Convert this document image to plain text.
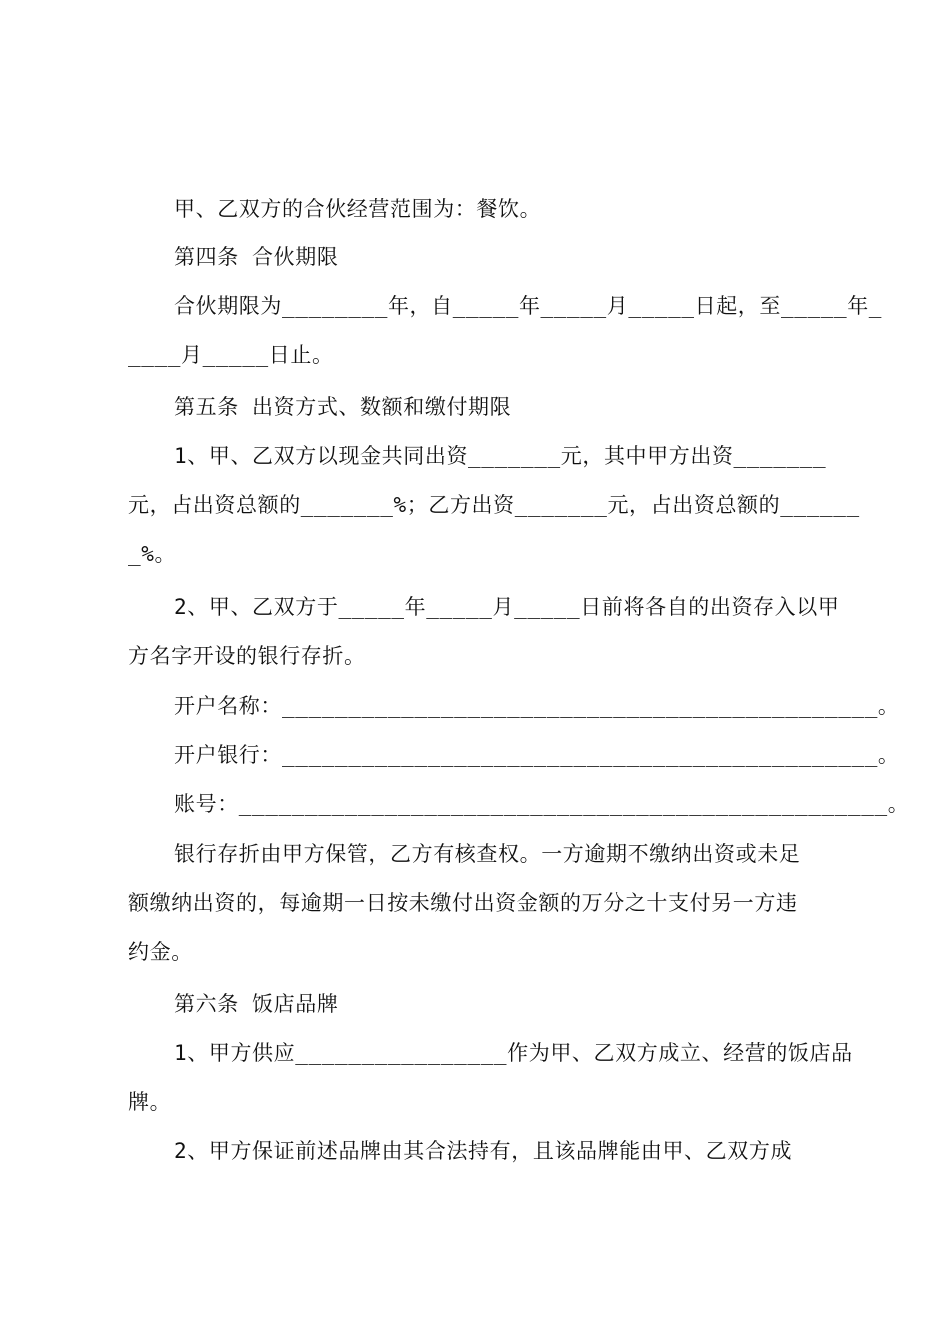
甲、乙双方的合伙经营范围为：餐饮。
第四条 合伙期限
合伙期限为________年，自_____年_____月_____日起，至_____年_
____月_____日止。
第五条 出资方式、数额和缴付期限
1、甲、乙双方以现金共同出资_______元，其中甲方出资_______
元，占出资总额的_______%；乙方出资_______元，占出资总额的______
_%。
2、甲、乙双方于_____年_____月_____日前将各自的出资存入以甲
方名字开设的银行存折。
开户名称：_____________________________________________。
开户银行：_____________________________________________。
账号：_________________________________________________。
银行存折由甲方保管，乙方有核查权。一方逾期不缴纳出资或未足
额缴纳出资的，每逾期一日按未缴付出资金额的万分之十支付另一方违
约金。
第六条 饭店品牌
1、甲方供应________________作为甲、乙双方成立、经营的饭店品
牌。
2、甲方保证前述品牌由其合法持有，且该品牌能由甲、乙双方成
